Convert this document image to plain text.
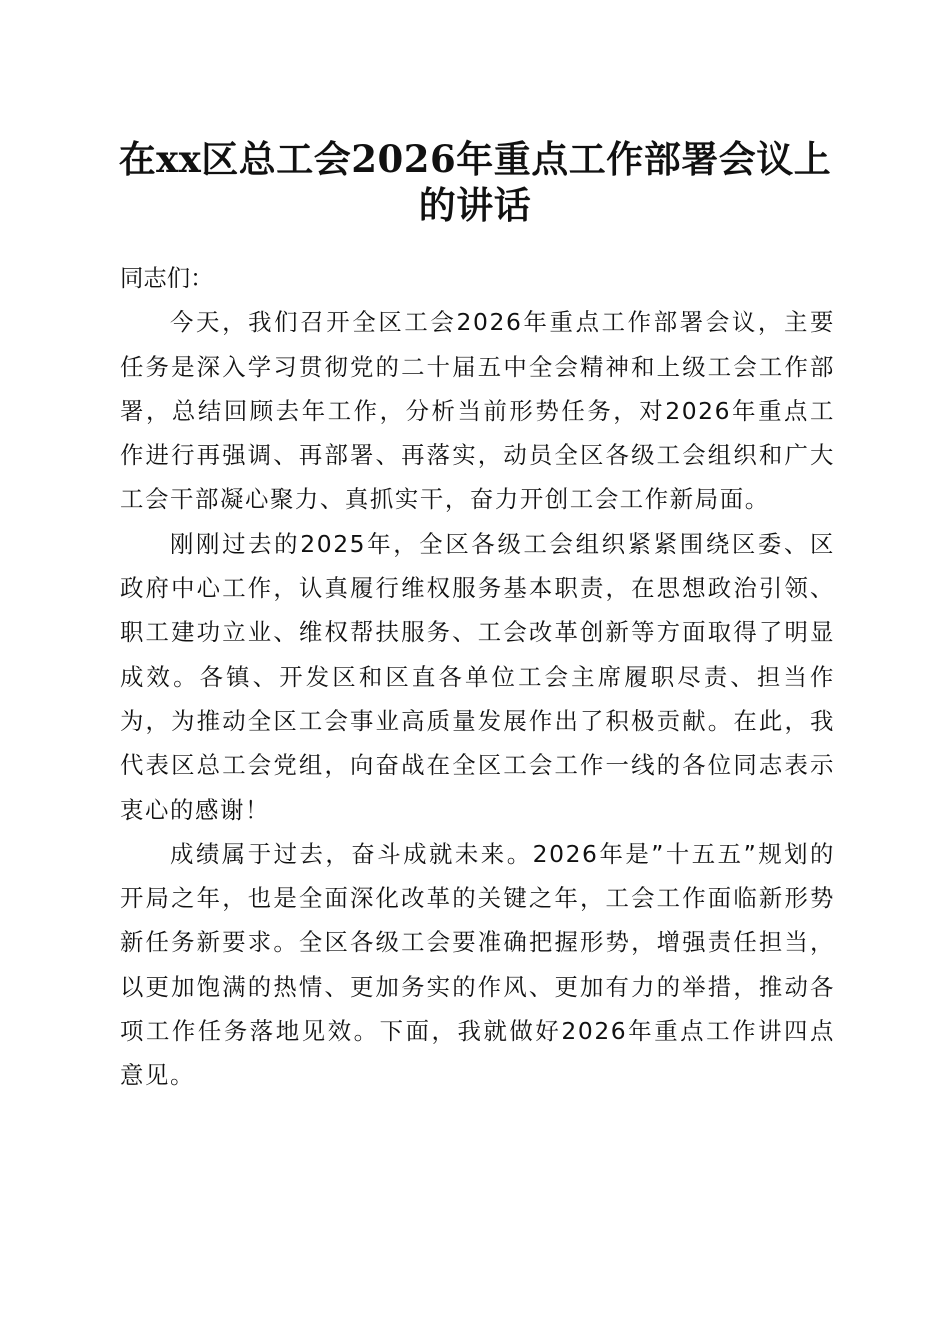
在xx区总工会2026年重点工作部署会议上的讲话

同志们：

今天，我们召开全区工会2026年重点工作部署会议，主要任务是深入学习贯彻党的二十届五中全会精神和上级工会工作部署，总结回顾去年工作，分析当前形势任务，对2026年重点工作进行再强调、再部署、再落实，动员全区各级工会组织和广大工会干部凝心聚力、真抓实干，奋力开创工会工作新局面。

刚刚过去的2025年，全区各级工会组织紧紧围绕区委、区政府中心工作，认真履行维权服务基本职责，在思想政治引领、职工建功立业、维权帮扶服务、工会改革创新等方面取得了明显成效。各镇、开发区和区直各单位工会主席履职尽责、担当作为，为推动全区工会事业高质量发展作出了积极贡献。在此，我代表区总工会党组，向奋战在全区工会工作一线的各位同志表示衷心的感谢！

成绩属于过去，奋斗成就未来。2026年是”十五五”规划的开局之年，也是全面深化改革的关键之年，工会工作面临新形势新任务新要求。全区各级工会要准确把握形势，增强责任担当，以更加饱满的热情、更加务实的作风、更加有力的举措，推动各项工作任务落地见效。下面，我就做好2026年重点工作讲四点意见。
